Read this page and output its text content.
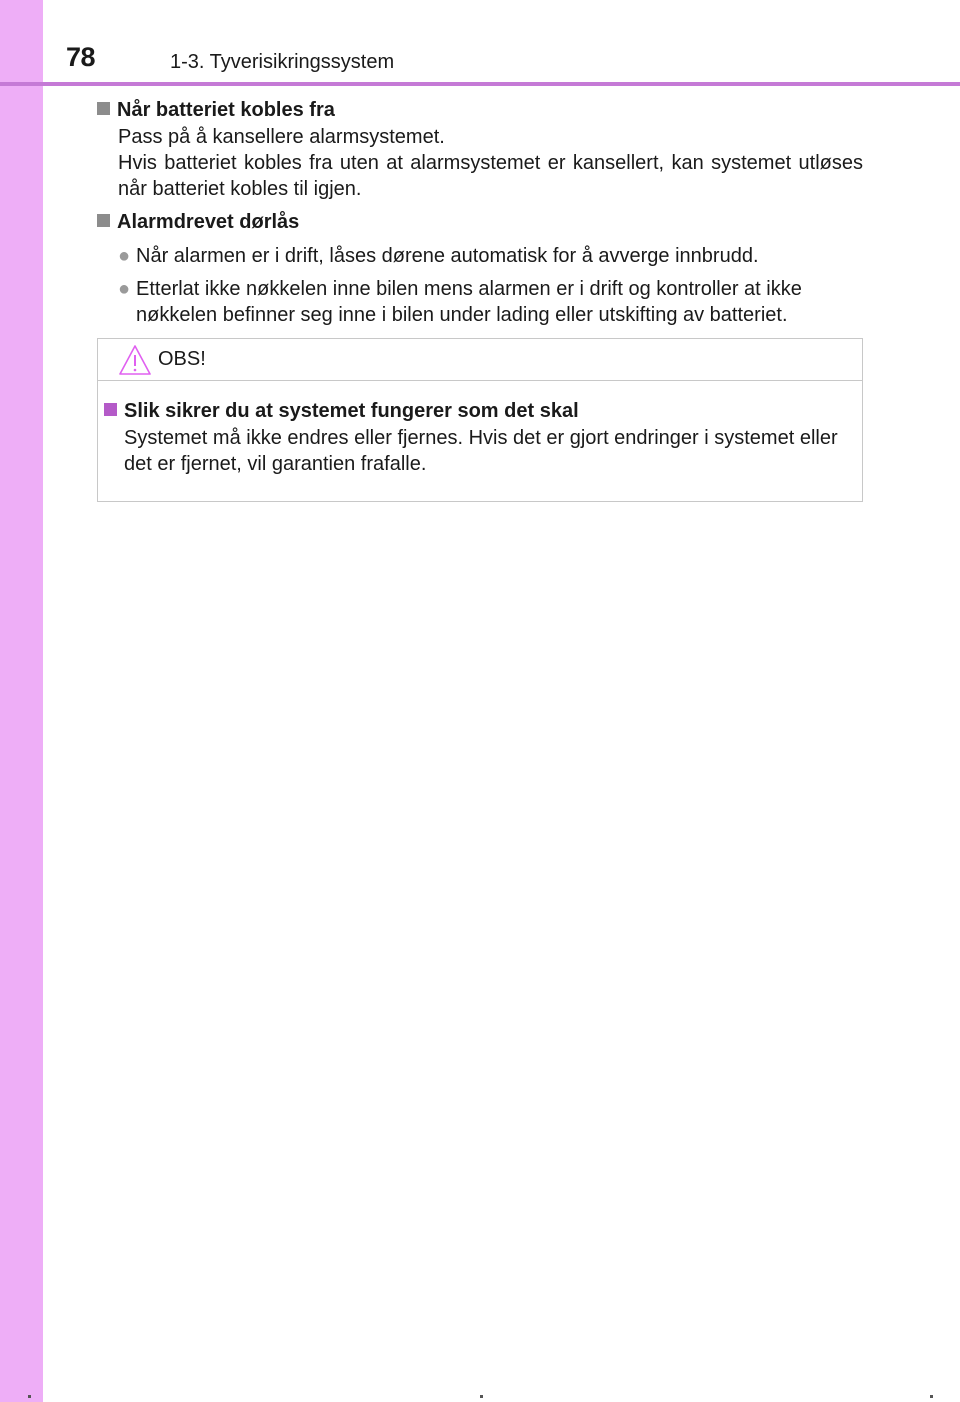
78	1-3. Tyverisikringssystem
Når batteriet kobles fra

Pass på å kansellere alarmsystemet.

Hvis batteriet kobles fra uten at alarmsystemet er kansellert, kan systemet utløses når batteriet kobles til igjen.

Alarmdrevet dørlås
● Når alarmen er i drift, låses dørene automatisk for å avverge innbrudd.
● Etterlat ikke nøkkelen inne bilen mens alarmen er i drift og kontroller at ikke nøkkelen befinner seg inne i bilen under lading eller utskifting av batteriet.
OBS!
Slik sikrer du at systemet fungerer som det skal

Systemet må ikke endres eller fjernes. Hvis det er gjort endringer i systemet eller det er fjernet, vil garantien frafalle.
